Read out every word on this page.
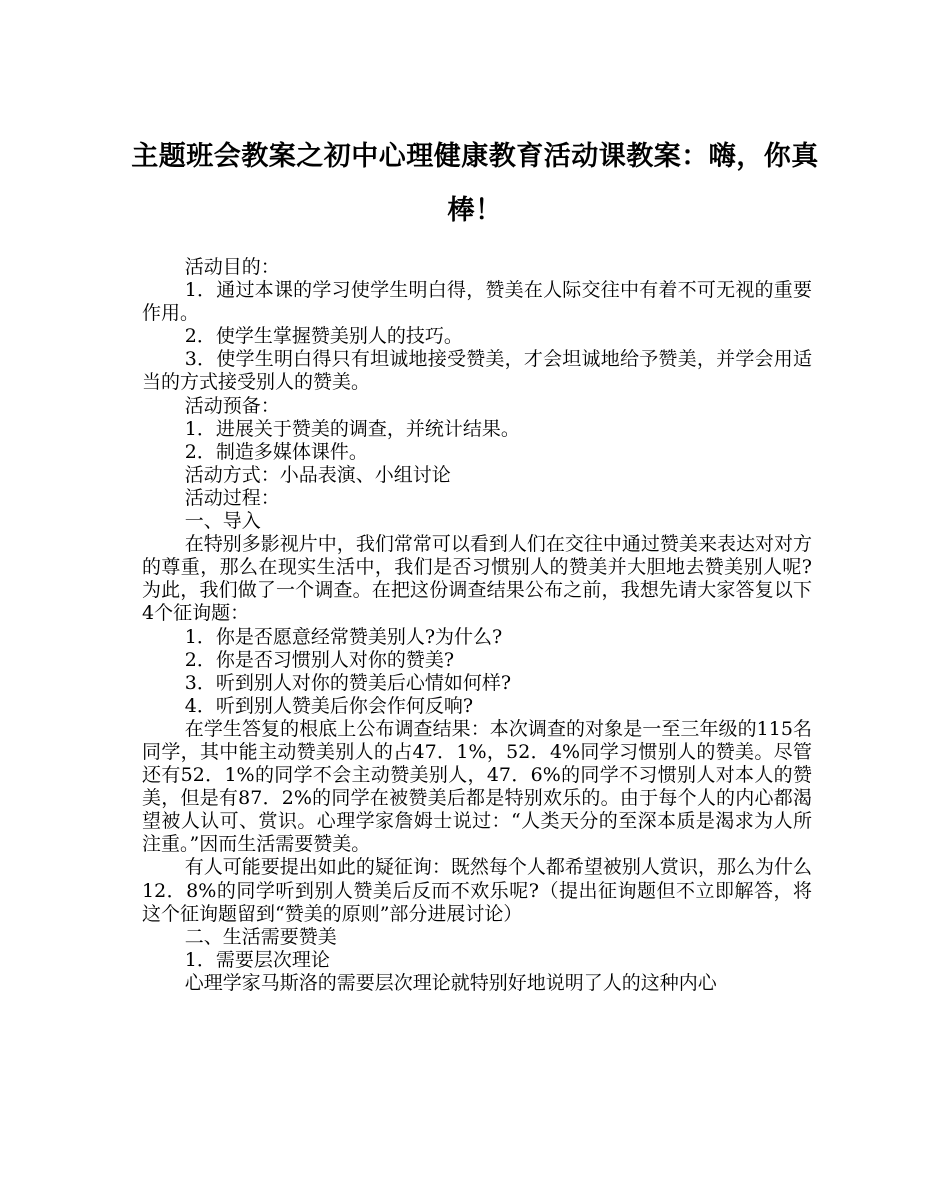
主题班会教案之初中心理健康教育活动课教案：嗨，你真棒！

活动目的：

1．通过本课的学习使学生明白得，赞美在人际交往中有着不可无视的重要作用。

2．使学生掌握赞美别人的技巧。

3．使学生明白得只有坦诚地接受赞美，才会坦诚地给予赞美，并学会用适当的方式接受别人的赞美。

活动预备：

1．进展关于赞美的调查，并统计结果。

2．制造多媒体课件。

活动方式：小品表演、小组讨论

活动过程：

一、导入

在特别多影视片中，我们常常可以看到人们在交往中通过赞美来表达对对方的尊重，那么在现实生活中，我们是否习惯别人的赞美并大胆地去赞美别人呢?为此，我们做了一个调查。在把这份调查结果公布之前，我想先请大家答复以下4个征询题：

1．你是否愿意经常赞美别人?为什么?

2．你是否习惯别人对你的赞美?

3．听到别人对你的赞美后心情如何样?

4．听到别人赞美后你会作何反响?

在学生答复的根底上公布调查结果：本次调查的对象是一至三年级的115名同学，其中能主动赞美别人的占47．1%，52．4%同学习惯别人的赞美。尽管还有52．1%的同学不会主动赞美别人，47．6%的同学不习惯别人对本人的赞美，但是有87．2%的同学在被赞美后都是特别欢乐的。由于每个人的内心都渴望被人认可、赏识。心理学家詹姆士说过：“人类天分的至深本质是渴求为人所注重。”因而生活需要赞美。

有人可能要提出如此的疑征询：既然每个人都希望被别人赏识，那么为什么12．8%的同学听到别人赞美后反而不欢乐呢?（提出征询题但不立即解答，将这个征询题留到“赞美的原则”部分进展讨论）

二、生活需要赞美

1．需要层次理论

心理学家马斯洛的需要层次理论就特别好地说明了人的这种内心
